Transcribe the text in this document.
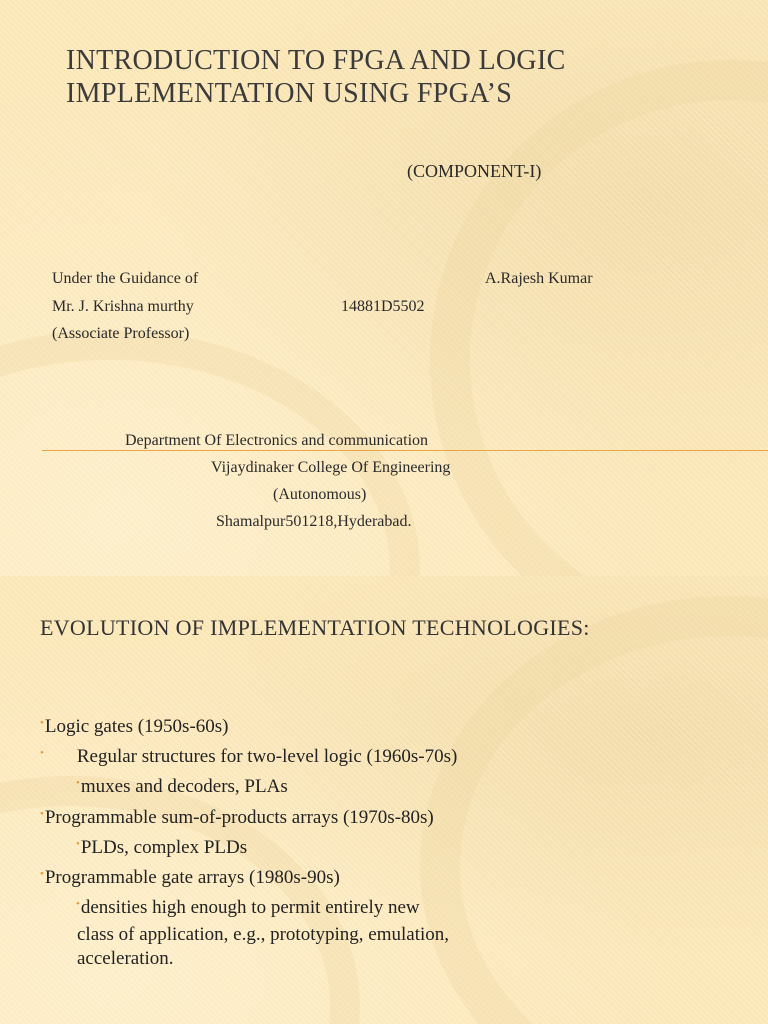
INTRODUCTION TO FPGA AND LOGIC
IMPLEMENTATION USING FPGA’S
(COMPONENT-I)
Under the Guidance of	A.Rajesh Kumar
Mr. J. Krishna murthy	14881D5502
(Associate Professor)
Department Of Electronics and communication
Vijaydinaker College Of Engineering
(Autonomous)
Shamalpur501218,Hyderabad.
EVOLUTION OF IMPLEMENTATION TECHNOLOGIES:
•Logic gates (1950s-60s)
• Regular structures for two-level logic (1960s-70s)
•muxes and decoders, PLAs
•Programmable sum-of-products arrays (1970s-80s)
•PLDs, complex PLDs
•Programmable gate arrays (1980s-90s)
•densities high enough to permit entirely new
class of application, e.g., prototyping, emulation,
acceleration.
